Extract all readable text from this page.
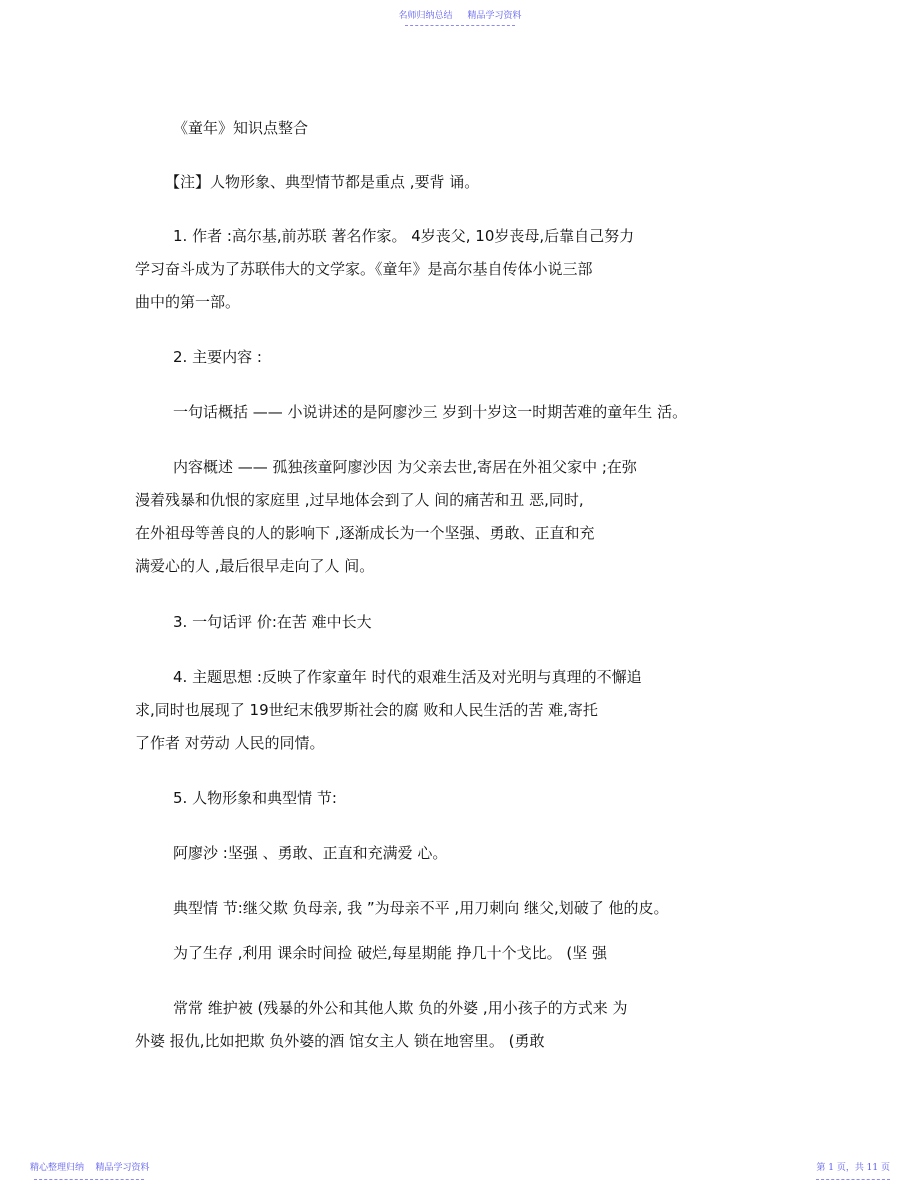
名师归纳总结 精品学习资料
《童年》知识点整合
【注】人物形象、典型情节都是重点 ,要背 诵。
1. 作者 :高尔基,前苏联 著名作家。 4岁丧父, 10岁丧母,后靠自己努力
学习奋斗成为了苏联伟大的文学家。《童年》是高尔基自传体小说三部
曲中的第一部。
2. 主要内容 :
一句话概括 —— 小说讲述的是阿廖沙三 岁到十岁这一时期苦难的童年生 活。
内容概述 —— 孤独孩童阿廖沙因 为父亲去世,寄居在外祖父家中 ;在弥
漫着残暴和仇恨的家庭里 ,过早地体会到了人 间的痛苦和丑 恶,同时,
在外祖母等善良的人的影响下 ,逐渐成长为一个坚强、勇敢、正直和充
满爱心的人 ,最后很早走向了人 间。
3. 一句话评 价:在苦 难中长大
4. 主题思想 :反映了作家童年 时代的艰难生活及对光明与真理的不懈追
求,同时也展现了 19世纪末俄罗斯社会的腐 败和人民生活的苦 难,寄托
了作者 对劳动 人民的同情。
5. 人物形象和典型情 节:
阿廖沙 :坚强 、勇敢、正直和充满爱 心。
典型情 节:继父欺 负母亲, 我 ”为母亲不平 ,用刀刺向 继父,划破了 他的皮。
为了生存 ,利用 课余时间捡 破烂,每星期能 挣几十个戈比。 (坚 强
常常 维护被 (残暴的外公和其他人欺 负的外婆 ,用小孩子的方式来 为
外婆 报仇,比如把欺 负外婆的酒 馆女主人 锁在地窖里。 (勇敢
精心整理归纳 精品学习资料	第 1 页，共 11 页
